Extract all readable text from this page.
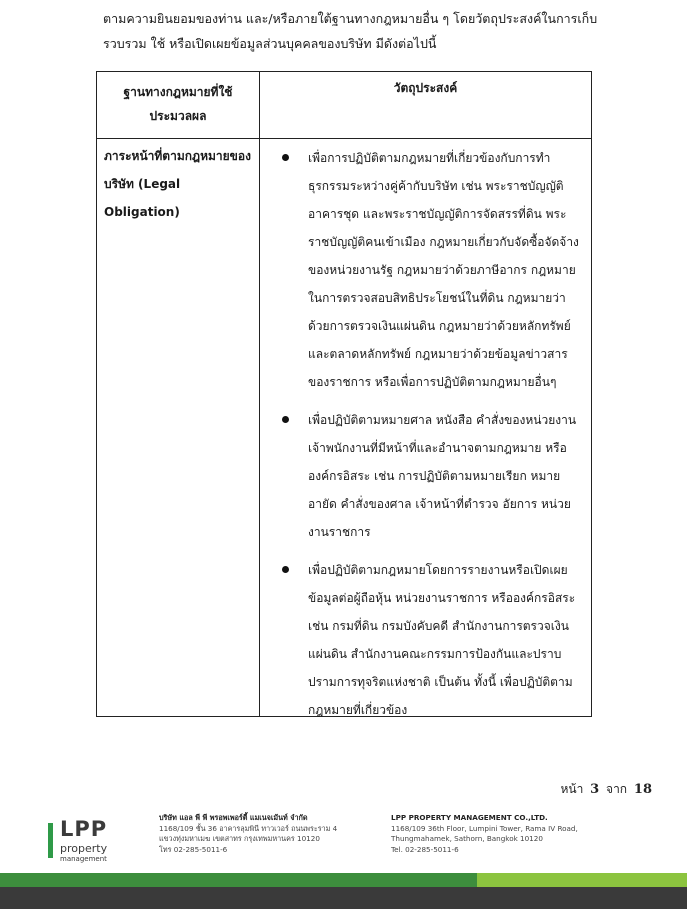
ตามความยินยอมของท่าน และ/หรือภายใต้ฐานทางกฎหมายอื่น ๆ โดยวัตถุประสงค์ในการเก็บ
รวบรวม ใช้ หรือเปิดเผยข้อมูลส่วนบุคคลของบริษัท มีดังต่อไปนี้
ฐานทางกฎหมายที่ใช้
ประมวลผล
วัตถุประสงค์
ภาระหน้าที่ตามกฎหมายของ
บริษัท (Legal Obligation)
เพื่อการปฏิบัติตามกฎหมายที่เกี่ยวข้องกับการทำธุรกรรมระหว่างคู่ค้ากับบริษัท เช่น พระราชบัญญัติอาคารชุด และพระราชบัญญัติการจัดสรรที่ดิน พระราชบัญญัติคนเข้าเมือง กฎหมายเกี่ยวกับจัดซื้อจัดจ้างของหน่วยงานรัฐ กฎหมายว่าด้วยภาษีอากร กฎหมายในการตรวจสอบสิทธิประโยชน์ในที่ดิน กฎหมายว่าด้วยการตรวจเงินแผ่นดิน กฎหมายว่าด้วยหลักทรัพย์และตลาดหลักทรัพย์ กฎหมายว่าด้วยข้อมูลข่าวสารของราชการ หรือเพื่อการปฏิบัติตามกฎหมายอื่นๆ
เพื่อปฏิบัติตามหมายศาล หนังสือ คำสั่งของหน่วยงาน เจ้าพนักงานที่มีหน้าที่และอำนาจตามกฎหมาย หรือ องค์กรอิสระ เช่น การปฏิบัติตามหมายเรียก หมายอายัด คำสั่งของศาล เจ้าหน้าที่ตำรวจ อัยการ หน่วยงานราชการ
เพื่อปฏิบัติตามกฎหมายโดยการรายงานหรือเปิดเผยข้อมูลต่อผู้ถือหุ้น หน่วยงานราชการ หรือองค์กรอิสระ เช่น กรมที่ดิน กรมบังคับคดี สำนักงานการตรวจเงินแผ่นดิน สำนักงานคณะกรรมการป้องกันและปราบปรามการทุจริตแห่งชาติ เป็นต้น ทั้งนี้ เพื่อปฏิบัติตามกฎหมายที่เกี่ยวข้อง
หน้า 3 จาก 18
LPP
property
management
บริษัท แอล พี พี พรอพเพอร์ตี้ แมเนจเม้นท์ จำกัด
1168/109 ชั้น 36 อาคารลุมพินี ทาวเวอร์ ถนนพระราม 4
แขวงทุ่งมหาเมฆ เขตสาทร กรุงเทพมหานคร 10120
โทร 02-285-5011-6
LPP PROPERTY MANAGEMENT CO.,LTD.
1168/109 36th Floor, Lumpini Tower, Rama IV Road,
Thungmahamek, Sathorn, Bangkok 10120
Tel. 02-285-5011-6
